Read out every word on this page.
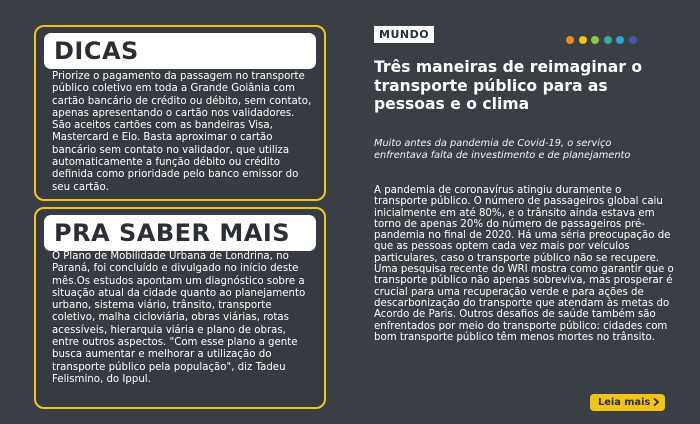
DICAS
Priorize o pagamento da passagem no transporte público coletivo em toda a Grande Goiânia com cartão bancário de crédito ou débito, sem contato, apenas apresentando o cartão nos validadores. São aceitos cartões com as bandeiras Visa, Mastercard e Elo. Basta aproximar o cartão bancário sem contato no validador, que utiliza automaticamente a função débito ou crédito definida como prioridade pelo banco emissor do seu cartão.
PRA SABER MAIS
O Plano de Mobilidade Urbana de Londrina, no Paraná, foi concluído e divulgado no início deste mês.Os estudos apontam um diagnóstico sobre a situação atual da cidade quanto ao planejamento urbano, sistema viário, trânsito, transporte coletivo, malha cicloviária, obras viárias, rotas acessíveis, hierarquia viária e plano de obras, entre outros aspectos. "Com esse plano a gente busca aumentar e melhorar a utilização do transporte público pela população", diz Tadeu Felismino, do Ippul.
MUNDO
Três maneiras de reimaginar o transporte público para as pessoas e o clima
Muito antes da pandemia de Covid-19, o serviço enfrentava falta de investimento e de planejamento
A pandemia de coronavírus atingiu duramente o transporte público. O número de passageiros global caiu inicialmente em até 80%, e o trânsito ainda estava em torno de apenas 20% do número de passageiros pré-pandemia no final de 2020. Há uma séria preocupação de que as pessoas optem cada vez mais por veículos particulares, caso o transporte público não se recupere. Uma pesquisa recente do WRI mostra como garantir que o transporte público não apenas sobreviva, mas prosperar é crucial para uma recuperação verde e para ações de descarbonização do transporte que atendam às metas do Acordo de Paris. Outros desafios de saúde também são enfrentados por meio do transporte público: cidades com bom transporte público têm menos mortes no trânsito.
Leia mais
